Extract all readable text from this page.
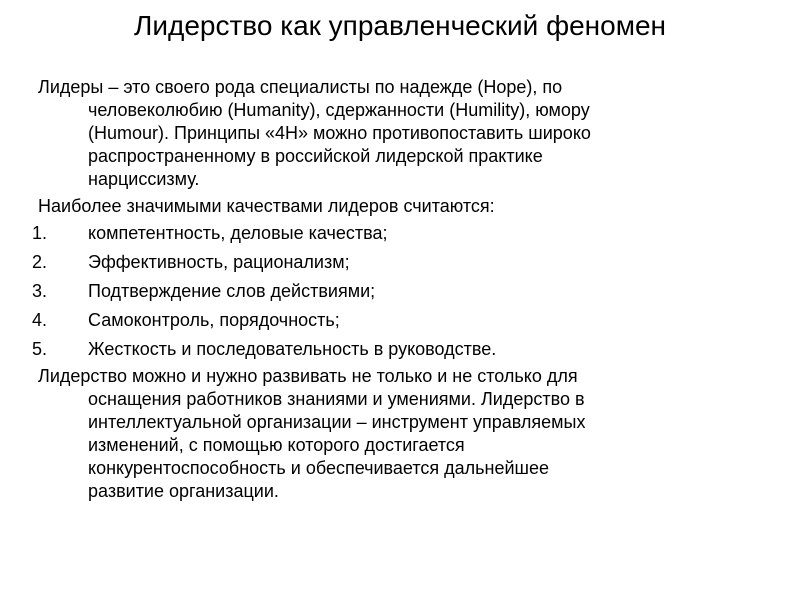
Лидерство как управленческий феномен
Лидеры – это своего рода специалисты по надежде (Hope), по
человеколюбию (Humanity), сдержанности (Humility), юмору
(Humour). Принципы «4H» можно противопоставить широко
распространенному в российской лидерской практике
нарциссизму.
Наиболее значимыми качествами лидеров считаются:
1. компетентность, деловые качества;
2. Эффективность, рационализм;
3. Подтверждение слов действиями;
4. Самоконтроль, порядочность;
5. Жесткость и последовательность в руководстве.
Лидерство можно и нужно развивать не только и не столько для
оснащения работников знаниями и умениями. Лидерство в
интеллектуальной организации – инструмент управляемых
изменений, с помощью которого достигается
конкурентоспособность и обеспечивается дальнейшее
развитие организации.
